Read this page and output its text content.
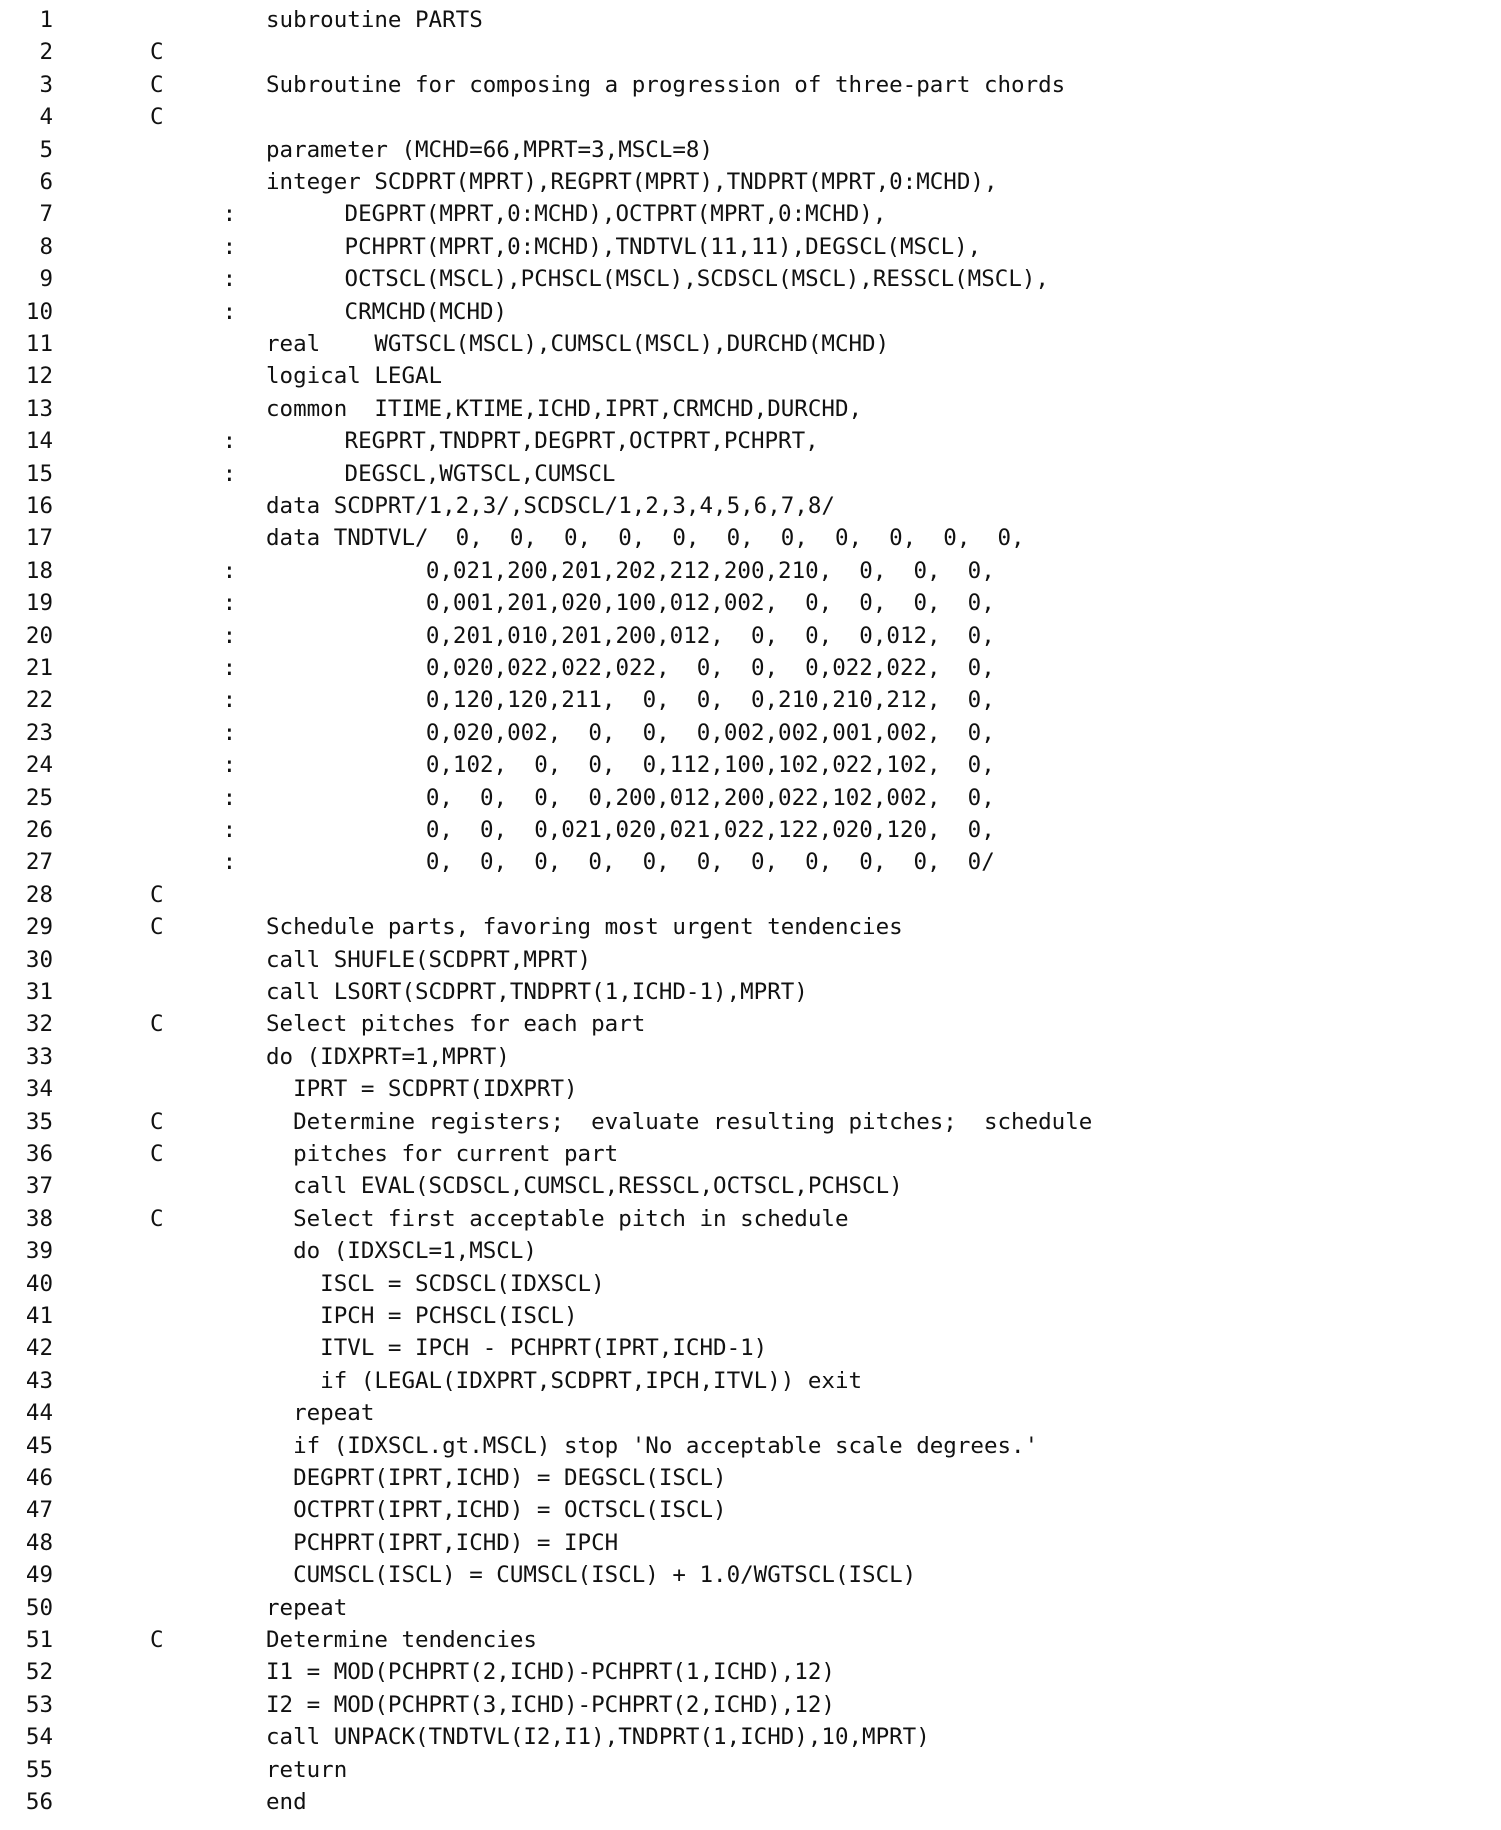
1	subroutine PARTS
2	C
3	C	Subroutine for composing a progression of three-part chords
4	C
5	parameter (MCHD=66,MPRT=3,MSCL=8)
6	integer SCDPRT(MPRT),REGPRT(MPRT),TNDPRT(MPRT,0:MCHD),
7	:        DEGPRT(MPRT,0:MCHD),OCTPRT(MPRT,0:MCHD),
8	:        PCHPRT(MPRT,0:MCHD),TNDTVL(11,11),DEGSCL(MSCL),
9	:        OCTSCL(MSCL),PCHSCL(MSCL),SCDSCL(MSCL),RESSCL(MSCL),
10	:        CRMCHD(MCHD)
11	real    WGTSCL(MSCL),CUMSCL(MSCL),DURCHD(MCHD)
12	logical LEGAL
13	common  ITIME,KTIME,ICHD,IPRT,CRMCHD,DURCHD,
14	:        REGPRT,TNDPRT,DEGPRT,OCTPRT,PCHPRT,
15	:        DEGSCL,WGTSCL,CUMSCL
16	data SCDPRT/1,2,3/,SCDSCL/1,2,3,4,5,6,7,8/
17	data TNDTVL/  0,  0,  0,  0,  0,  0,  0,  0,  0,  0,  0,
18	:              0,021,200,201,202,212,200,210,  0,  0,  0,
19	:              0,001,201,020,100,012,002,  0,  0,  0,  0,
20	:              0,201,010,201,200,012,  0,  0,  0,012,  0,
21	:              0,020,022,022,022,  0,  0,  0,022,022,  0,
22	:              0,120,120,211,  0,  0,  0,210,210,212,  0,
23	:              0,020,002,  0,  0,  0,002,002,001,002,  0,
24	:              0,102,  0,  0,  0,112,100,102,022,102,  0,
25	:              0,  0,  0,  0,200,012,200,022,102,002,  0,
26	:              0,  0,  0,021,020,021,022,122,020,120,  0,
27	:              0,  0,  0,  0,  0,  0,  0,  0,  0,  0,  0/
28	C
29	C	Schedule parts, favoring most urgent tendencies
30	call SHUFLE(SCDPRT,MPRT)
31	call LSORT(SCDPRT,TNDPRT(1,ICHD-1),MPRT)
32	C	Select pitches for each part
33	do (IDXPRT=1,MPRT)
34	IPRT = SCDPRT(IDXPRT)
35	C	Determine registers;  evaluate resulting pitches;  schedule
36	C	pitches for current part
37	call EVAL(SCDSCL,CUMSCL,RESSCL,OCTSCL,PCHSCL)
38	C	Select first acceptable pitch in schedule
39	do (IDXSCL=1,MSCL)
40	ISCL = SCDSCL(IDXSCL)
41	IPCH = PCHSCL(ISCL)
42	ITVL = IPCH - PCHPRT(IPRT,ICHD-1)
43	if (LEGAL(IDXPRT,SCDPRT,IPCH,ITVL)) exit
44	repeat
45	if (IDXSCL.gt.MSCL) stop 'No acceptable scale degrees.'
46	DEGPRT(IPRT,ICHD) = DEGSCL(ISCL)
47	OCTPRT(IPRT,ICHD) = OCTSCL(ISCL)
48	PCHPRT(IPRT,ICHD) = IPCH
49	CUMSCL(ISCL) = CUMSCL(ISCL) + 1.0/WGTSCL(ISCL)
50	repeat
51	C	Determine tendencies
52	I1 = MOD(PCHPRT(2,ICHD)-PCHPRT(1,ICHD),12)
53	I2 = MOD(PCHPRT(3,ICHD)-PCHPRT(2,ICHD),12)
54	call UNPACK(TNDTVL(I2,I1),TNDPRT(1,ICHD),10,MPRT)
55	return
56	end
